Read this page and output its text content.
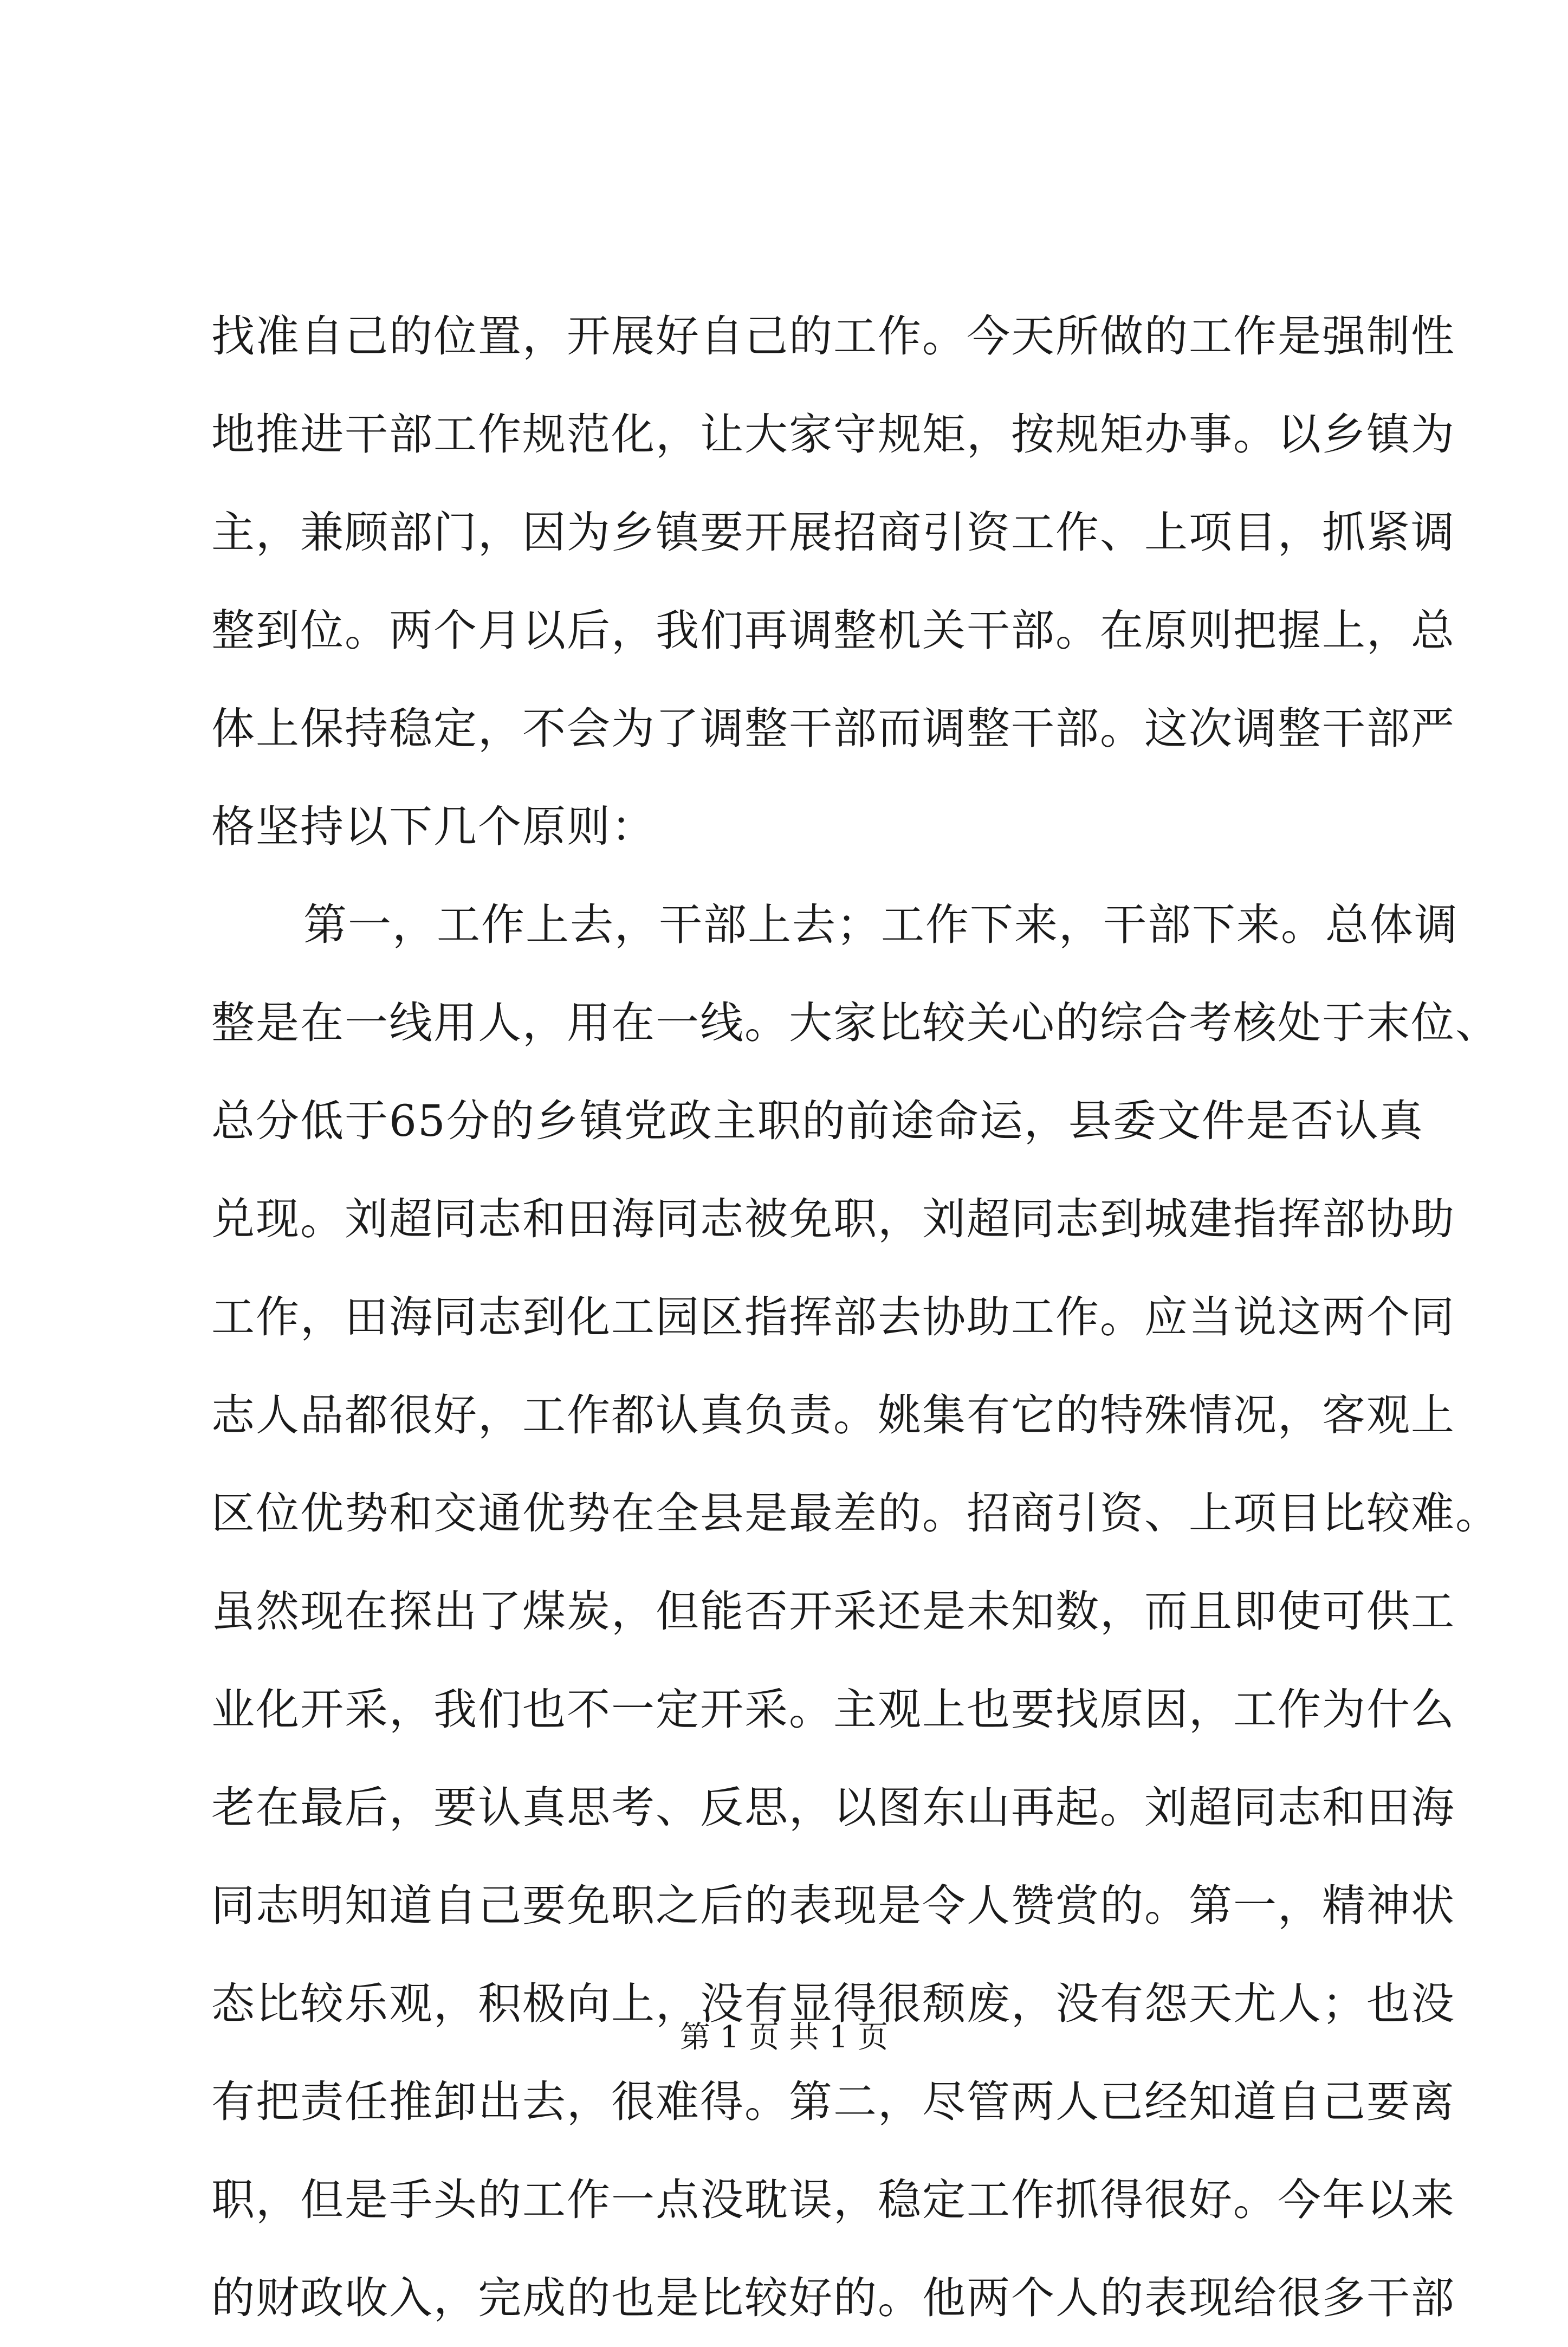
找准自己的位置，开展好自己的工作。今天所做的工作是强制性
地推进干部工作规范化，让大家守规矩，按规矩办事。以乡镇为
主，兼顾部门，因为乡镇要开展招商引资工作、上项目，抓紧调
整到位。两个月以后，我们再调整机关干部。在原则把握上，总
体上保持稳定，不会为了调整干部而调整干部。这次调整干部严
格坚持以下几个原则：
第一，工作上去，干部上去；工作下来，干部下来。总体调
整是在一线用人，用在一线。大家比较关心的综合考核处于末位、
总分低于65分的乡镇党政主职的前途命运，县委文件是否认真
兑现。刘超同志和田海同志被免职，刘超同志到城建指挥部协助
工作，田海同志到化工园区指挥部去协助工作。应当说这两个同
志人品都很好，工作都认真负责。姚集有它的特殊情况，客观上
区位优势和交通优势在全县是最差的。招商引资、上项目比较难。
虽然现在探出了煤炭，但能否开采还是未知数，而且即使可供工
业化开采，我们也不一定开采。主观上也要找原因，工作为什么
老在最后，要认真思考、反思，以图东山再起。刘超同志和田海
同志明知道自己要免职之后的表现是令人赞赏的。第一，精神状
态比较乐观，积极向上，没有显得很颓废，没有怨天尤人；也没
有把责任推卸出去，很难得。第二，尽管两人已经知道自己要离
职，但是手头的工作一点没耽误，稳定工作抓得很好。今年以来
的财政收入，完成的也是比较好的。他两个人的表现给很多干部
第 1 页 共 1 页
